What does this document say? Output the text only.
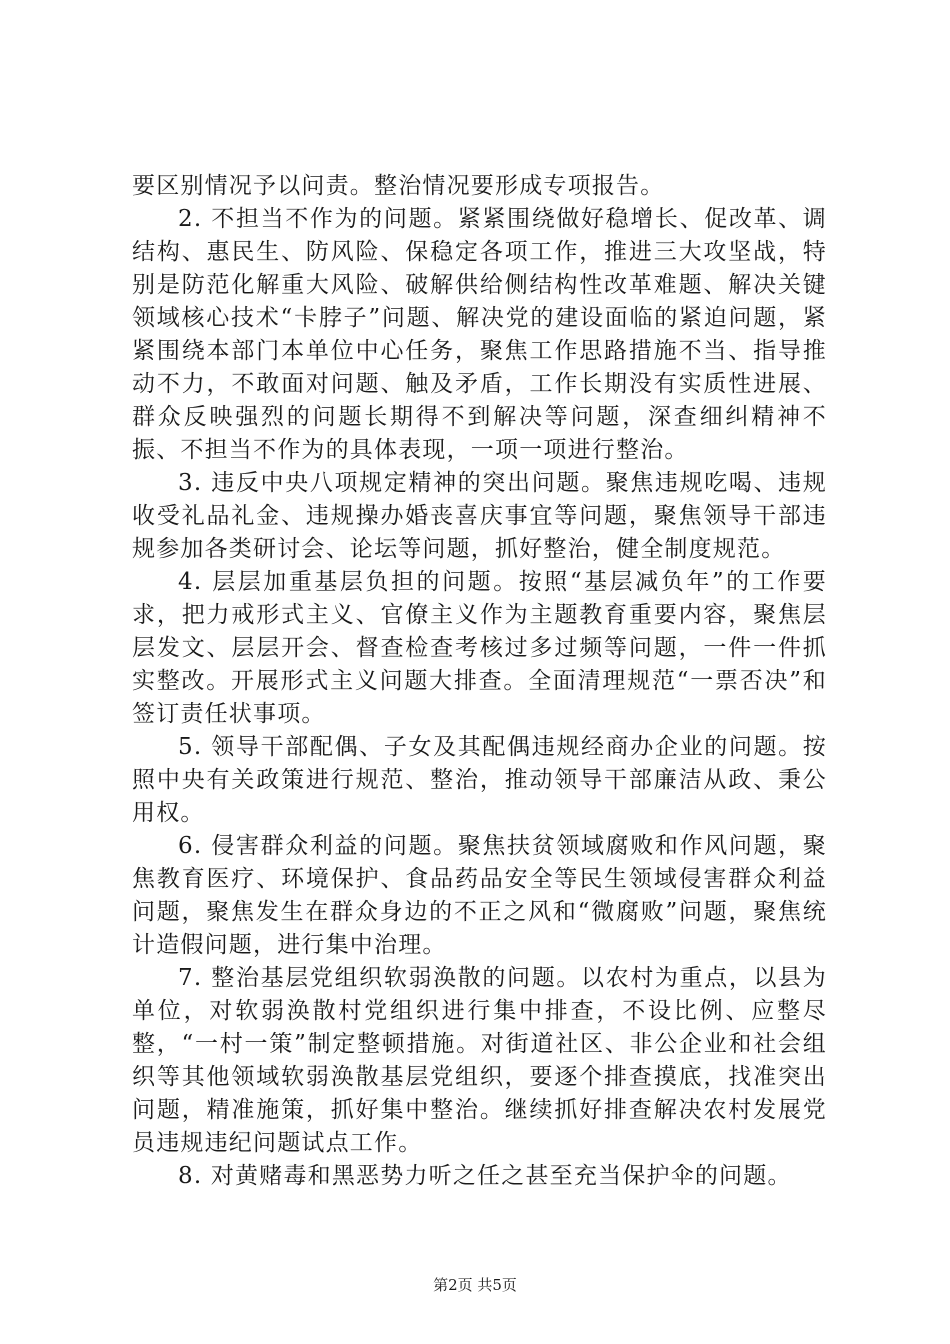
要区别情况予以问责。整治情况要形成专项报告。

2. 不担当不作为的问题。紧紧围绕做好稳增长、促改革、调结构、惠民生、防风险、保稳定各项工作，推进三大攻坚战，特别是防范化解重大风险、破解供给侧结构性改革难题、解决关键领域核心技术“卡脖子”问题、解决党的建设面临的紧迫问题，紧紧围绕本部门本单位中心任务，聚焦工作思路措施不当、指导推动不力，不敢面对问题、触及矛盾，工作长期没有实质性进展、群众反映强烈的问题长期得不到解决等问题，深查细纠精神不振、不担当不作为的具体表现，一项一项进行整治。

3. 违反中央八项规定精神的突出问题。聚焦违规吃喝、违规收受礼品礼金、违规操办婚丧喜庆事宜等问题，聚焦领导干部违规参加各类研讨会、论坛等问题，抓好整治，健全制度规范。

4. 层层加重基层负担的问题。按照“基层减负年”的工作要求，把力戒形式主义、官僚主义作为主题教育重要内容，聚焦层层发文、层层开会、督查检查考核过多过频等问题，一件一件抓实整改。开展形式主义问题大排查。全面清理规范“一票否决”和签订责任状事项。

5. 领导干部配偶、子女及其配偶违规经商办企业的问题。按照中央有关政策进行规范、整治，推动领导干部廉洁从政、秉公用权。

6. 侵害群众利益的问题。聚焦扶贫领域腐败和作风问题，聚焦教育医疗、环境保护、食品药品安全等民生领域侵害群众利益问题，聚焦发生在群众身边的不正之风和“微腐败”问题，聚焦统计造假问题，进行集中治理。

7. 整治基层党组织软弱涣散的问题。以农村为重点，以县为单位，对软弱涣散村党组织进行集中排查，不设比例、应整尽整，“一村一策”制定整顿措施。对街道社区、非公企业和社会组织等其他领域软弱涣散基层党组织，要逐个排查摸底，找准突出问题，精准施策，抓好集中整治。继续抓好排查解决农村发展党员违规违纪问题试点工作。

8. 对黄赌毒和黑恶势力听之任之甚至充当保护伞的问题。

第2页 共5页
